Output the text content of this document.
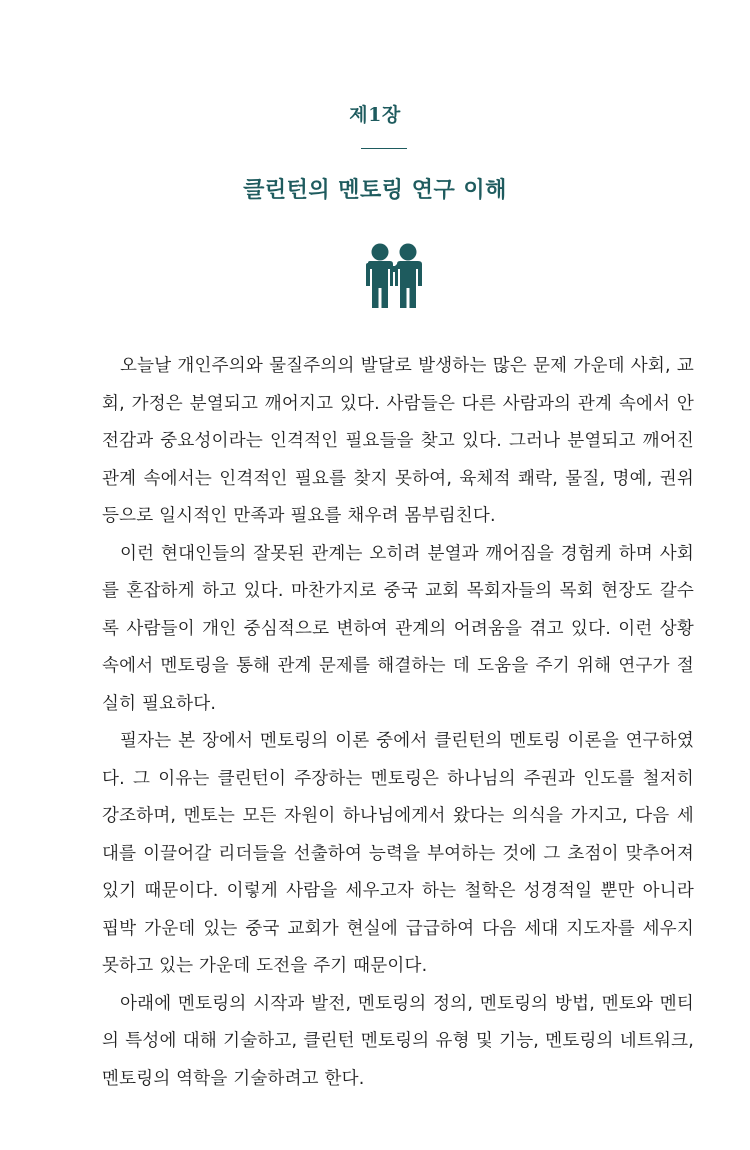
제1장
클린턴의 멘토링 연구 이해

오늘날 개인주의와 물질주의의 발달로 발생하는 많은 문제 가운데 사회, 교회, 가정은 분열되고 깨어지고 있다. 사람들은 다른 사람과의 관계 속에서 안전감과 중요성이라는 인격적인 필요들을 찾고 있다. 그러나 분열되고 깨어진 관계 속에서는 인격적인 필요를 찾지 못하여, 육체적 쾌락, 물질, 명예, 권위 등으로 일시적인 만족과 필요를 채우려 몸부림친다.

이런 현대인들의 잘못된 관계는 오히려 분열과 깨어짐을 경험케 하며 사회를 혼잡하게 하고 있다. 마찬가지로 중국 교회 목회자들의 목회 현장도 갈수록 사람들이 개인 중심적으로 변하여 관계의 어려움을 겪고 있다. 이런 상황 속에서 멘토링을 통해 관계 문제를 해결하는 데 도움을 주기 위해 연구가 절실히 필요하다.

필자는 본 장에서 멘토링의 이론 중에서 클린턴의 멘토링 이론을 연구하였다. 그 이유는 클린턴이 주장하는 멘토링은 하나님의 주권과 인도를 철저히 강조하며, 멘토는 모든 자원이 하나님에게서 왔다는 의식을 가지고, 다음 세대를 이끌어갈 리더들을 선출하여 능력을 부여하는 것에 그 초점이 맞추어져 있기 때문이다. 이렇게 사람을 세우고자 하는 철학은 성경적일 뿐만 아니라 핍박 가운데 있는 중국 교회가 현실에 급급하여 다음 세대 지도자를 세우지 못하고 있는 가운데 도전을 주기 때문이다.

아래에 멘토링의 시작과 발전, 멘토링의 정의, 멘토링의 방법, 멘토와 멘티의 특성에 대해 기술하고, 클린턴 멘토링의 유형 및 기능, 멘토링의 네트워크, 멘토링의 역학을 기술하려고 한다.
